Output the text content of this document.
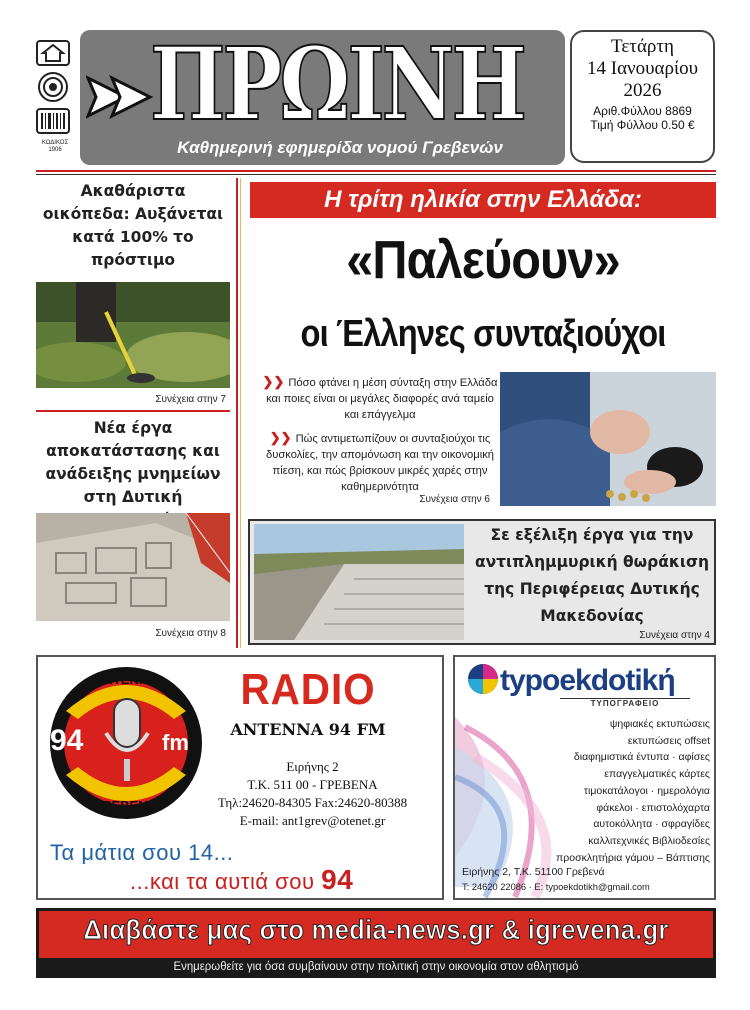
ΚΩΔΙΚΟΣ
1906
ΠΡΩΙΝΗ
Καθημερινή εφημερίδα νομού Γρεβενών
Τετάρτη
14 Ιανουαρίου
2026
Αριθ.Φύλλου 8869
Τιμή Φύλλου 0.50 €
Ακαθάριστα οικόπεδα: Αυξάνεται κατά 100% το πρόστιμο
Συνέχεια στην 7
Νέα έργα αποκατάστασης και ανάδειξης μνημείων στη Δυτική
Συνέχεια στην 8
Η τρίτη ηλικία στην Ελλάδα:
«Παλεύουν»
οι Έλληνες συνταξιούχοι
❯❯ Πόσο φτάνει η μέση σύνταξη στην Ελλάδα και ποιες είναι οι μεγάλες διαφορές ανά ταμείο και επάγγελμα
❯❯ Πώς αντιμετωπίζουν οι συνταξιούχοι τις δυσκολίες, την απομόνωση και την οικονομική πίεση, και πώς βρίσκουν μικρές χαρές στην καθημερινότητα
Συνέχεια στην 6
Σε εξέλιξη έργα για την αντιπλημμυρική θωράκιση της Περιφέρειας Δυτικής Μακεδονίας
Συνέχεια στην 4
ΑΝΤΕΝΝΑ
94	fm
ΓΡΕΒΕΝΑ
RADIO
ANTENNA 94 FM
Ειρήνης 2
Τ.Κ. 511 00 - ΓΡΕΒΕΝΑ
Τηλ:24620-84305 Fax:24620-80388
E-mail: ant1grev@otenet.gr
Τα μάτια σου 14...
...και τα αυτιά σου 94
typoekdotikή
ΤΥΠΟΓΡΑΦΕΙΟ
ψηφιακές εκτυπώσεις
εκτυπώσεις offset
διαφημιστικά έντυπα · αφίσες
επαγγελματικές κάρτες
τιμοκατάλογοι · ημερολόγια
φάκελοι · επιστολόχαρτα
αυτοκόλλητα · σφραγίδες
καλλιτεχνικές Βιβλιοδεσίες
προσκλητήρια γάμου – Βάπτισης
Ειρήνης 2, Τ.Κ. 51100 Γρεβενά
T: 24620 22086 · E: typoekdotikh@gmail.com
Διαβάστε μας στο media-news.gr & igrevena.gr
Ενημερωθείτε για όσα συμβαίνουν στην πολιτική στην οικονομία στον αθλητισμό
